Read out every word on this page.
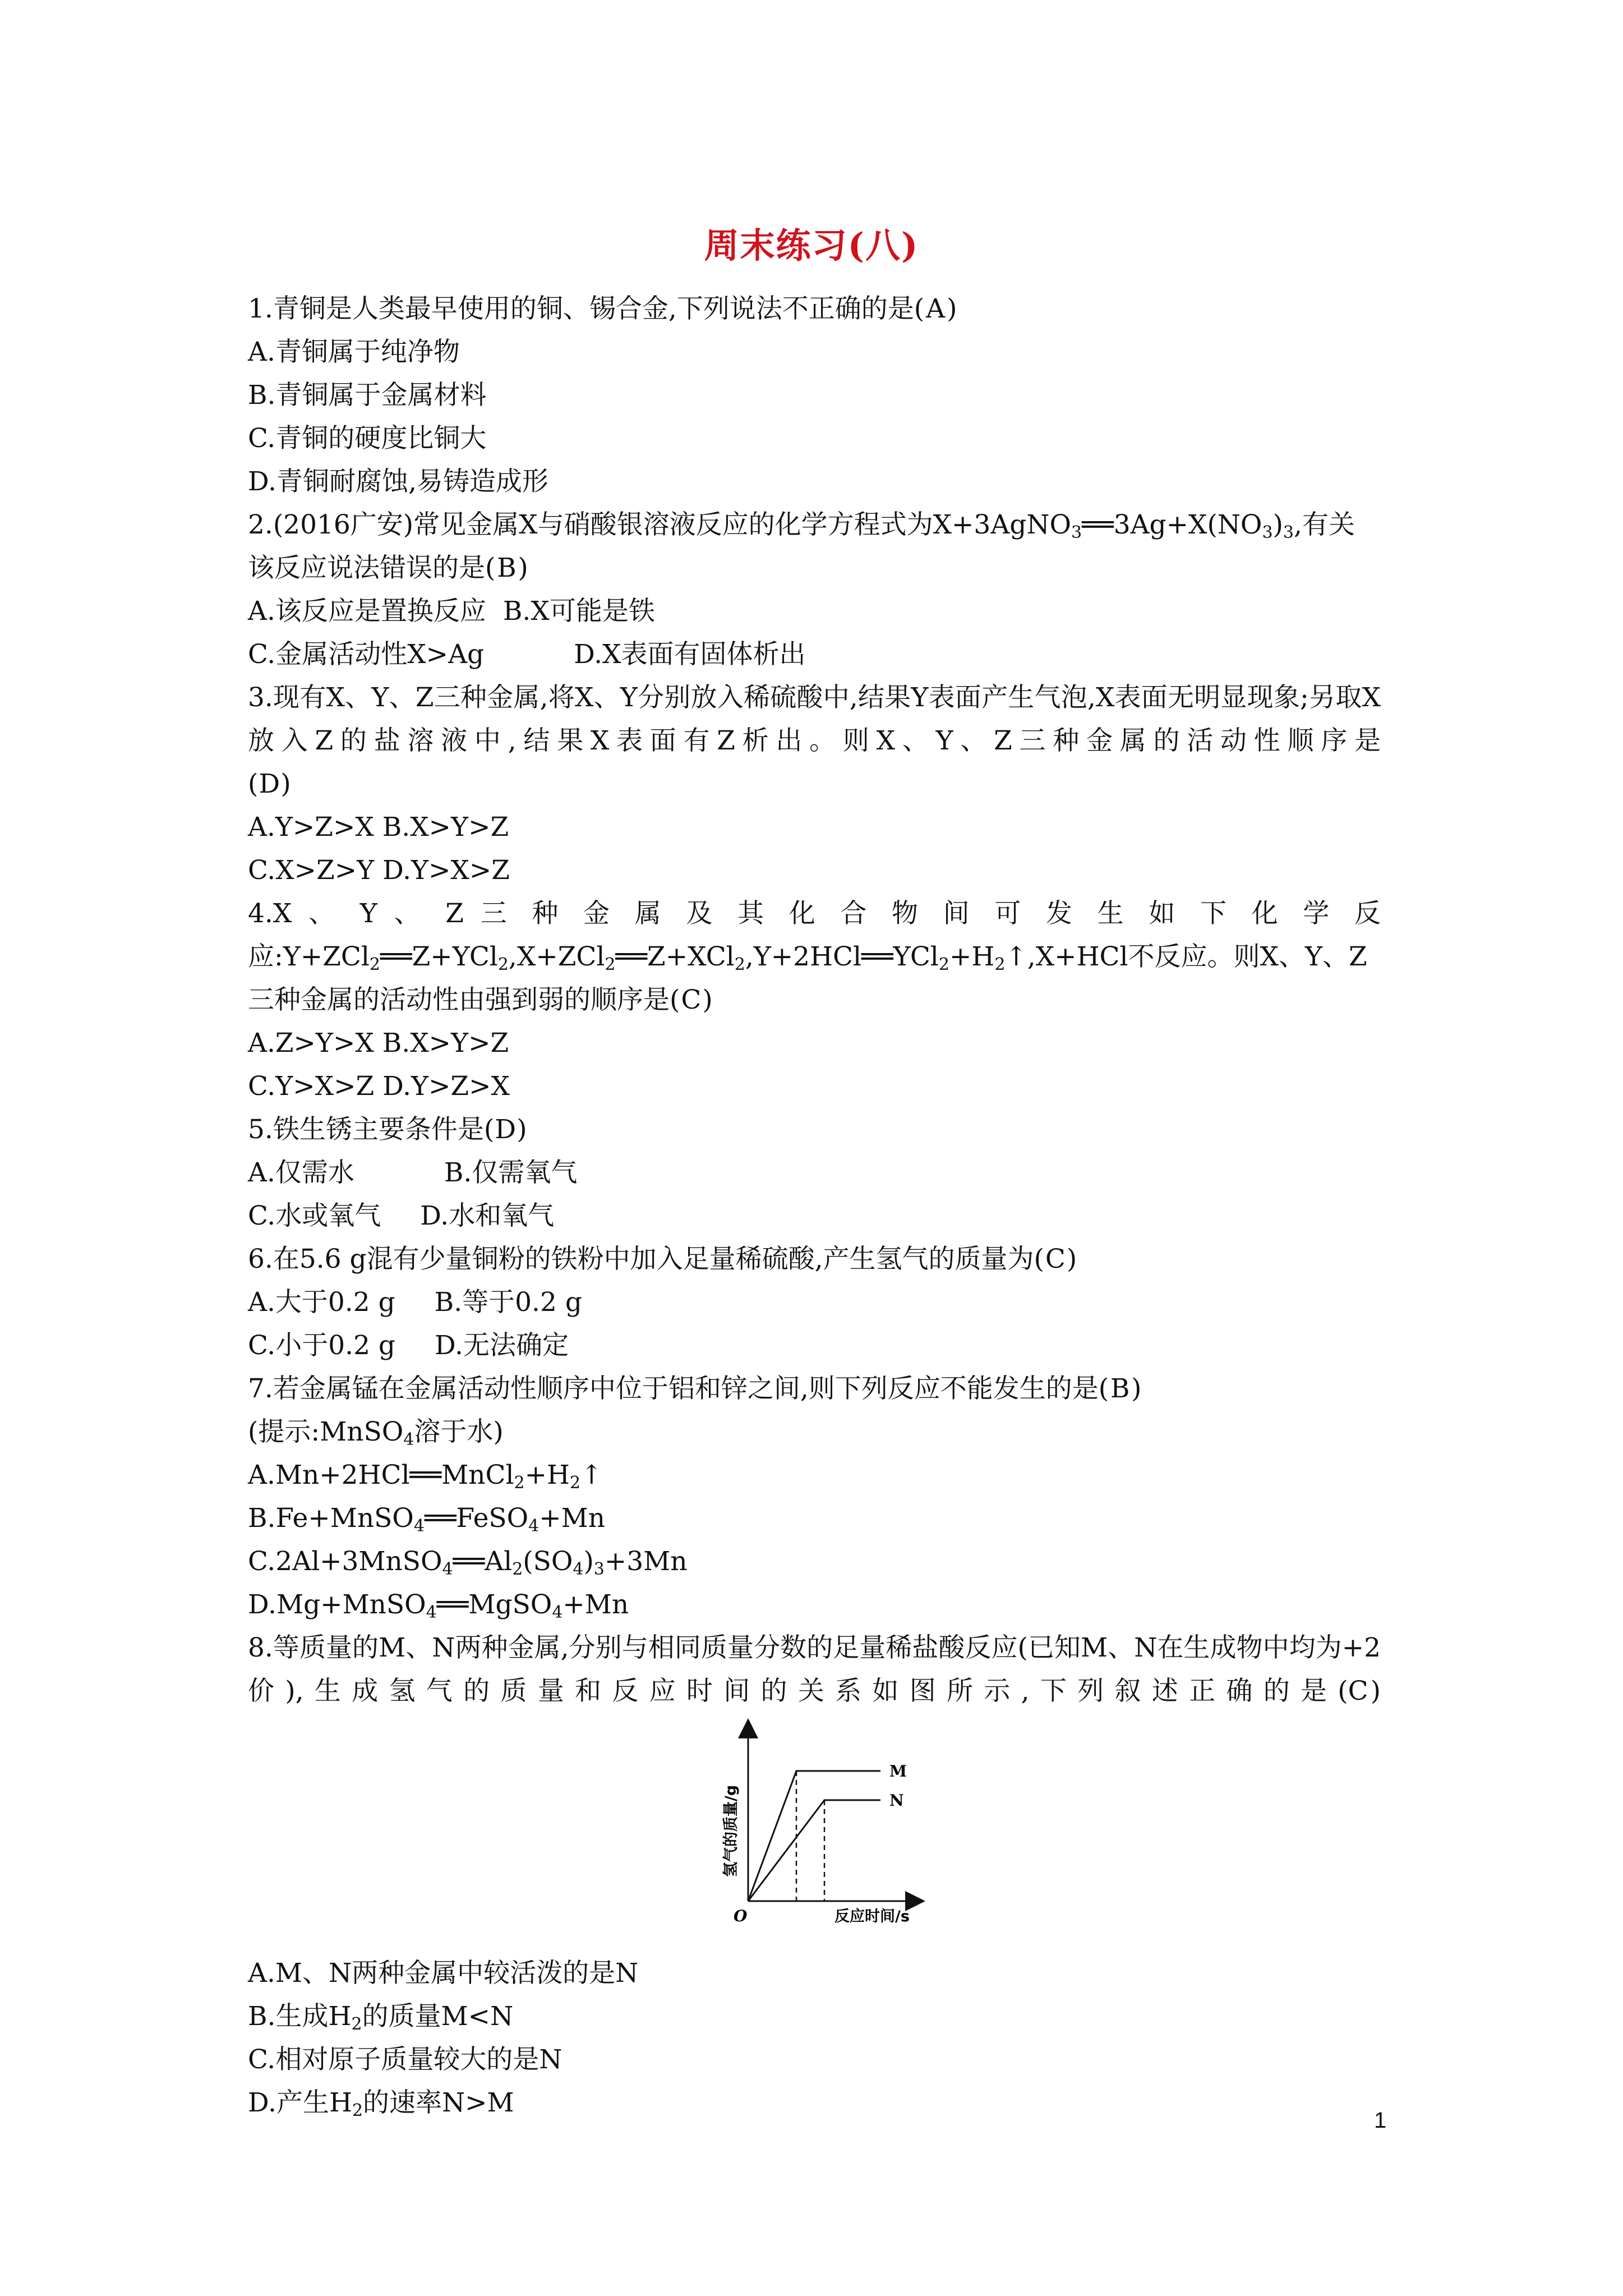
周末练习(八)

1.青铜是人类最早使用的铜、锡合金,下列说法不正确的是(A)

A.青铜属于纯净物

B.青铜属于金属材料

C.青铜的硬度比铜大

D.青铜耐腐蚀,易铸造成形

2.(2016广安)常见金属X与硝酸银溶液反应的化学方程式为$X+3AgNO_3══3Ag+X(NO_3)_3$,有关该反应说法错误的是(B)

A.该反应是置换反应 B.X可能是铁

C.金属活动性X>Ag	D.X表面有固体析出

3.现有X、Y、Z三种金属,将X、Y分别放入稀硫酸中,结果Y表面产生气泡,X表面无明显现象;另取X放入Z的盐溶液中,结果X表面有Z析出。则X、Y、Z三种金属的活动性顺序是

(D)

A.Y>Z>X B.X>Y>Z

C.X>Z>Y D.Y>X>Z

4.X 、 Y 、 Z 三 种 金 属 及 其 化 合 物 间 可 发 生 如 下 化 学 反

应$:Y+ZCl_2══Z+YCl_2,X+ZCl_2══Z+XCl_2,Y+2HCl══YCl_2+H_2↑,X+HCl$不反应。则X、Y、Z

三种金属的活动性由强到弱的顺序是(C)

A.Z>Y>X B.X>Y>Z

C.Y>X>Z D.Y>Z>X

5.铁生锈主要条件是(D)

A.仅需水	B.仅需氧气

C.水或氧气 D.水和氧气

6.在5.6 g混有少量铜粉的铁粉中加入足量稀硫酸,产生氢气的质量为(C)

A.大于0.2 g B.等于0.2 g

C.小于0.2 g D.无法确定

7.若金属锰在金属活动性顺序中位于铝和锌之间,则下列反应不能发生的是(B)

(提示:MnSO$_4$溶于水)

$A.Mn+2HCl══MnCl_2+H_2↑$

B.Fe+MnSO$_4$══FeSO$_4$+Mn

$C.2Al+3MnSO_4══Al_2(SO_4)_3+3Mn$

D.Mg+MnSO$_4$══MgSO$_4$+Mn

8.等质量的M、N两种金属,分别与相同质量分数的足量稀盐酸反应(已知M、N在生成物中均为+2价),生成氢气的质量和反应时间的关系如图所示,下列叙述正确的是(C)

M
N
O	反应时间/s
氢气的质量/g

A.M、N两种金属中较活泼的是N

B.生成$H_2$的质量M<N

C.相对原子质量较大的是N

D.产生$H_2$的速率N>M

1
